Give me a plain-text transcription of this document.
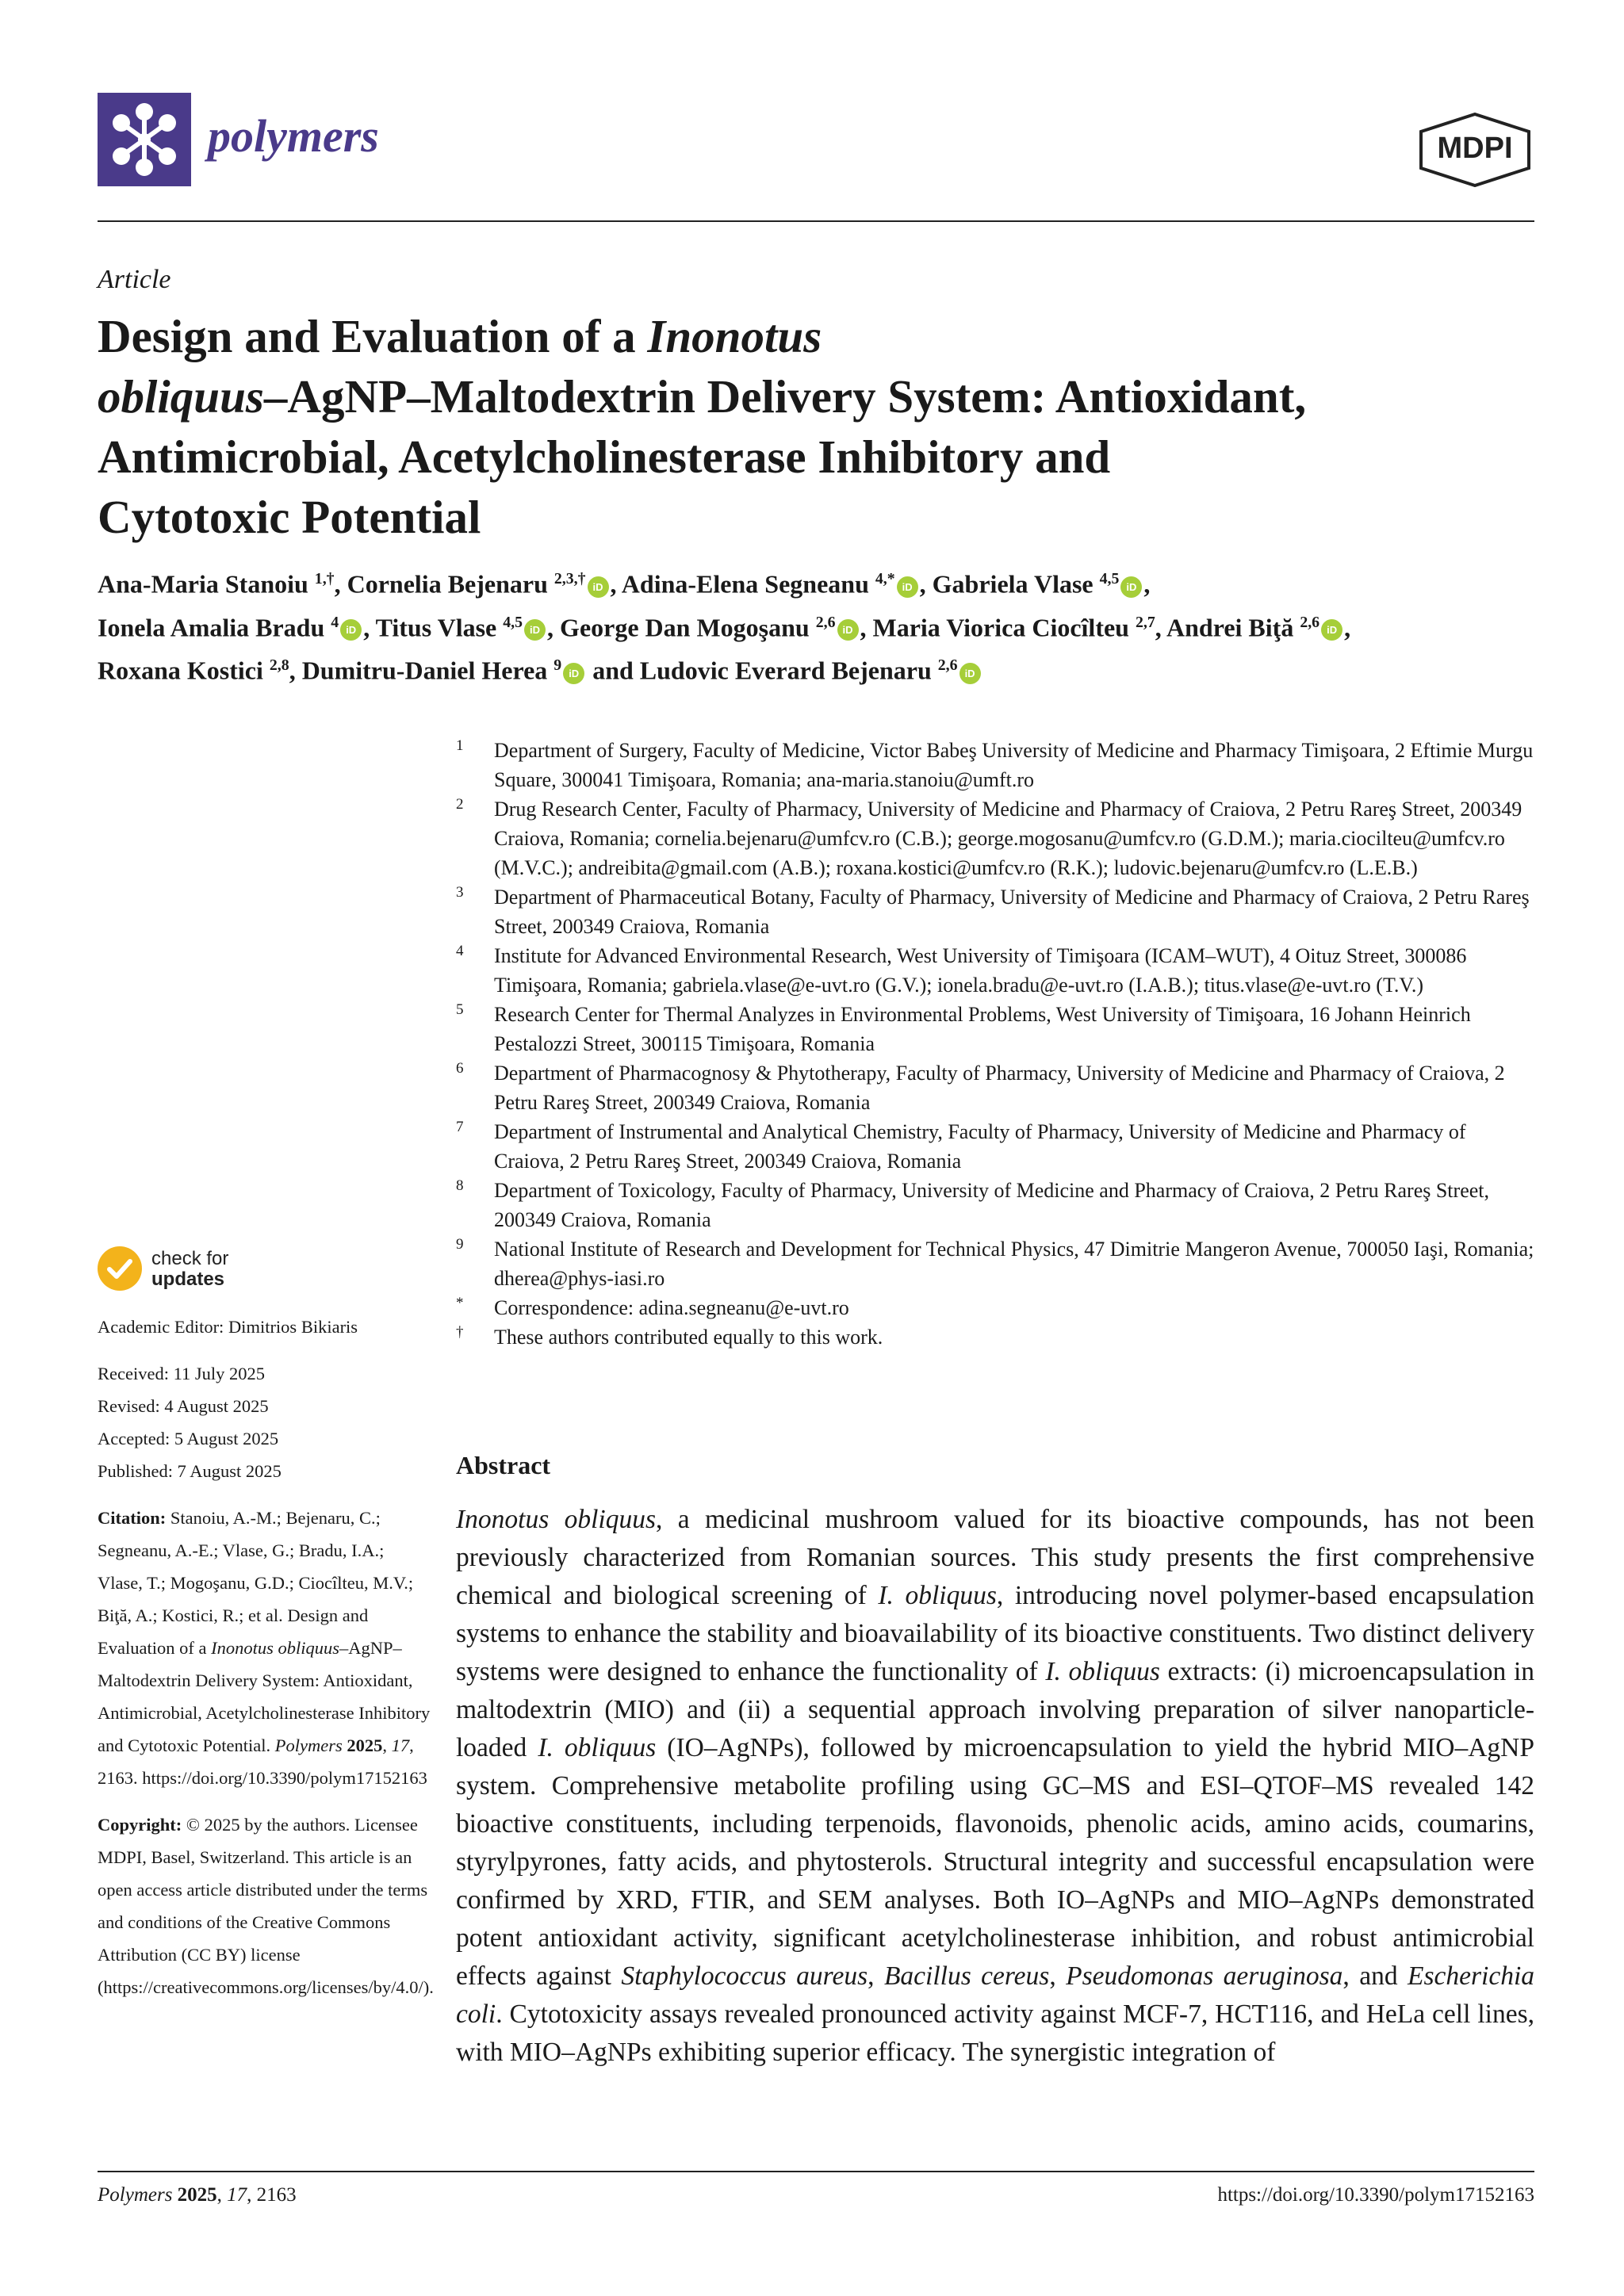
polymers	MDPI
Article
Design and Evaluation of a Inonotus
obliquus–AgNP–Maltodextrin Delivery System: Antioxidant,
Antimicrobial, Acetylcholinesterase Inhibitory and
Cytotoxic Potential
Ana-Maria Stanoiu $^{1,\dagger}$, Cornelia Bejenaru $^{2,3,\dagger}$ iD , Adina-Elena Segneanu $^{4,*}$ iD , Gabriela Vlase $^{4,5}$ iD ,
Ionela Amalia Bradu $^4$ iD , Titus Vlase $^{4,5}$ iD , George Dan Mogoşanu $^{2,6}$ iD , Maria Viorica Ciocîlteu $^{2,7}$, Andrei Biţă $^{2,6}$ iD ,
Roxana Kostici $^{2,8}$, Dumitru-Daniel Herea $^9$ iD and Ludovic Everard Bejenaru $^{2,6}$ iD
1	Department of Surgery, Faculty of Medicine, Victor Babeş University of Medicine and Pharmacy Timişoara, 2 Eftimie Murgu Square, 300041 Timişoara, Romania; ana-maria.stanoiu@umft.ro
2	Drug Research Center, Faculty of Pharmacy, University of Medicine and Pharmacy of Craiova, 2 Petru Rareş Street, 200349 Craiova, Romania; cornelia.bejenaru@umfcv.ro (C.B.); george.mogosanu@umfcv.ro (G.D.M.); maria.ciocilteu@umfcv.ro (M.V.C.); andreibita@gmail.com (A.B.); roxana.kostici@umfcv.ro (R.K.); ludovic.bejenaru@umfcv.ro (L.E.B.)
3	Department of Pharmaceutical Botany, Faculty of Pharmacy, University of Medicine and Pharmacy of Craiova, 2 Petru Rareş Street, 200349 Craiova, Romania
4	Institute for Advanced Environmental Research, West University of Timişoara (ICAM–WUT), 4 Oituz Street, 300086 Timişoara, Romania; gabriela.vlase@e-uvt.ro (G.V.); ionela.bradu@e-uvt.ro (I.A.B.); titus.vlase@e-uvt.ro (T.V.)
5	Research Center for Thermal Analyzes in Environmental Problems, West University of Timişoara, 16 Johann Heinrich Pestalozzi Street, 300115 Timişoara, Romania
6	Department of Pharmacognosy & Phytotherapy, Faculty of Pharmacy, University of Medicine and Pharmacy of Craiova, 2 Petru Rareş Street, 200349 Craiova, Romania
7	Department of Instrumental and Analytical Chemistry, Faculty of Pharmacy, University of Medicine and Pharmacy of Craiova, 2 Petru Rareş Street, 200349 Craiova, Romania
8	Department of Toxicology, Faculty of Pharmacy, University of Medicine and Pharmacy of Craiova, 2 Petru Rareş Street, 200349 Craiova, Romania
9	National Institute of Research and Development for Technical Physics, 47 Dimitrie Mangeron Avenue, 700050 Iaşi, Romania; dherea@phys-iasi.ro
*	Correspondence: adina.segneanu@e-uvt.ro
†	These authors contributed equally to this work.
check for
updates

Academic Editor: Dimitrios Bikiaris

Received: 11 July 2025
Revised: 4 August 2025
Accepted: 5 August 2025
Published: 7 August 2025
Citation: Stanoiu, A.-M.; Bejenaru, C.; Segneanu, A.-E.; Vlase, G.; Bradu, I.A.; Vlase, T.; Mogoşanu, G.D.; Ciocîlteu, M.V.; Biţă, A.; Kostici, R.; et al. Design and Evaluation of a Inonotus obliquus–AgNP–Maltodextrin Delivery System: Antioxidant, Antimicrobial, Acetylcholinesterase Inhibitory and Cytotoxic Potential. Polymers 2025, 17, 2163. https://doi.org/10.3390/polym17152163
Copyright: © 2025 by the authors. Licensee MDPI, Basel, Switzerland. This article is an open access article distributed under the terms and conditions of the Creative Commons Attribution (CC BY) license (https://creativecommons.org/licenses/by/4.0/).
Abstract
Inonotus obliquus, a medicinal mushroom valued for its bioactive compounds, has not been previously characterized from Romanian sources. This study presents the first comprehensive chemical and biological screening of I. obliquus, introducing novel polymer-based encapsulation systems to enhance the stability and bioavailability of its bioactive constituents. Two distinct delivery systems were designed to enhance the functionality of I. obliquus extracts: (i) microencapsulation in maltodextrin (MIO) and (ii) a sequential approach involving preparation of silver nanoparticle-loaded I. obliquus (IO–AgNPs), followed by microencapsulation to yield the hybrid MIO–AgNP system. Comprehensive metabolite profiling using GC–MS and ESI–QTOF–MS revealed 142 bioactive constituents, including terpenoids, flavonoids, phenolic acids, amino acids, coumarins, styrylpyrones, fatty acids, and phytosterols. Structural integrity and successful encapsulation were confirmed by XRD, FTIR, and SEM analyses. Both IO–AgNPs and MIO–AgNPs demonstrated potent antioxidant activity, significant acetylcholinesterase inhibition, and robust antimicrobial effects against Staphylococcus aureus, Bacillus cereus, Pseudomonas aeruginosa, and Escherichia coli. Cytotoxicity assays revealed pronounced activity against MCF-7, HCT116, and HeLa cell lines, with MIO–AgNPs exhibiting superior efficacy. The synergistic integration of
Polymers 2025, 17, 2163	https://doi.org/10.3390/polym17152163
